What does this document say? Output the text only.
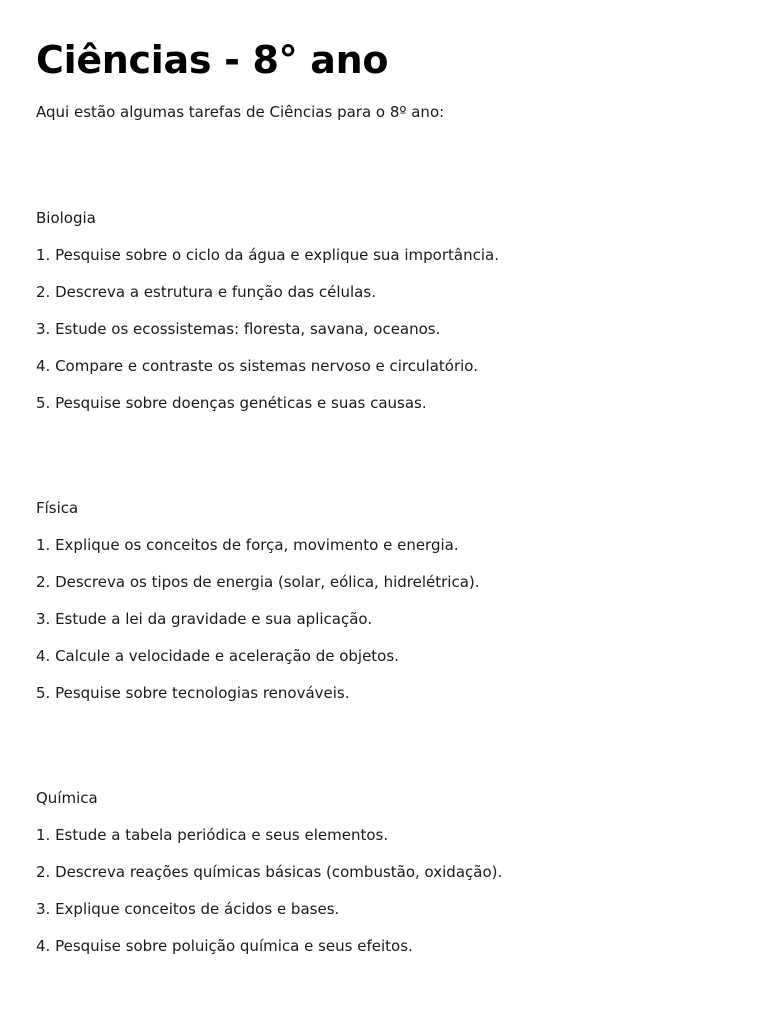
Ciências - 8° ano

Aqui estão algumas tarefas de Ciências para o 8º ano:

Biologia
1. Pesquise sobre o ciclo da água e explique sua importância.
2. Descreva a estrutura e função das células.
3. Estude os ecossistemas: floresta, savana, oceanos.
4. Compare e contraste os sistemas nervoso e circulatório.
5. Pesquise sobre doenças genéticas e suas causas.
Física
1. Explique os conceitos de força, movimento e energia.
2. Descreva os tipos de energia (solar, eólica, hidrelétrica).
3. Estude a lei da gravidade e sua aplicação.
4. Calcule a velocidade e aceleração de objetos.
5. Pesquise sobre tecnologias renováveis.
Química
1. Estude a tabela periódica e seus elementos.
2. Descreva reações químicas básicas (combustão, oxidação).
3. Explique conceitos de ácidos e bases.
4. Pesquise sobre poluição química e seus efeitos.
